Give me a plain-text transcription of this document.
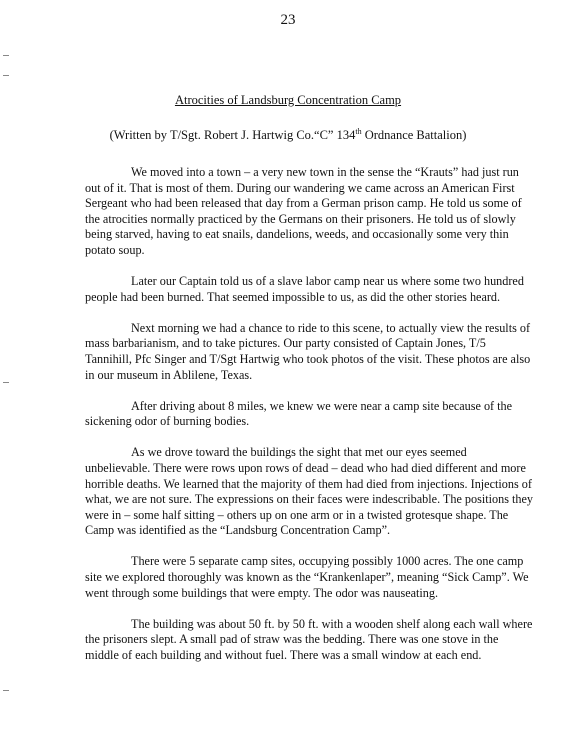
23
Atrocities of Landsburg Concentration Camp
(Written by T/Sgt. Robert J. Hartwig Co.“C” 134th Ordnance Battalion)

We moved into a town – a very new town in the sense the “Krauts” had just run out of it. That is most of them. During our wandering we came across an American First Sergeant who had been released that day from a German prison camp. He told us some of the atrocities normally practiced by the Germans on their prisoners. He told us of slowly being starved, having to eat snails, dandelions, weeds, and occasionally some very thin potato soup.

Later our Captain told us of a slave labor camp near us where some two hundred people had been burned. That seemed impossible to us, as did the other stories heard.

Next morning we had a chance to ride to this scene, to actually view the results of mass barbarianism, and to take pictures. Our party consisted of Captain Jones, T/5 Tannihill, Pfc Singer and T/Sgt Hartwig who took photos of the visit. These photos are also in our museum in Ablilene, Texas.

After driving about 8 miles, we knew we were near a camp site because of the sickening odor of burning bodies.

As we drove toward the buildings the sight that met our eyes seemed unbelievable. There were rows upon rows of dead – dead who had died different and more horrible deaths. We learned that the majority of them had died from injections. Injections of what, we are not sure. The expressions on their faces were indescribable. The positions they were in – some half sitting – others up on one arm or in a twisted grotesque shape. The Camp was identified as the “Landsburg Concentration Camp”.

There were 5 separate camp sites, occupying possibly 1000 acres. The one camp site we explored thoroughly was known as the “Krankenlaper”, meaning “Sick Camp”. We went through some buildings that were empty. The odor was nauseating.

The building was about 50 ft. by 50 ft. with a wooden shelf along each wall where the prisoners slept. A small pad of straw was the bedding. There was one stove in the middle of each building and without fuel. There was a small window at each end.
